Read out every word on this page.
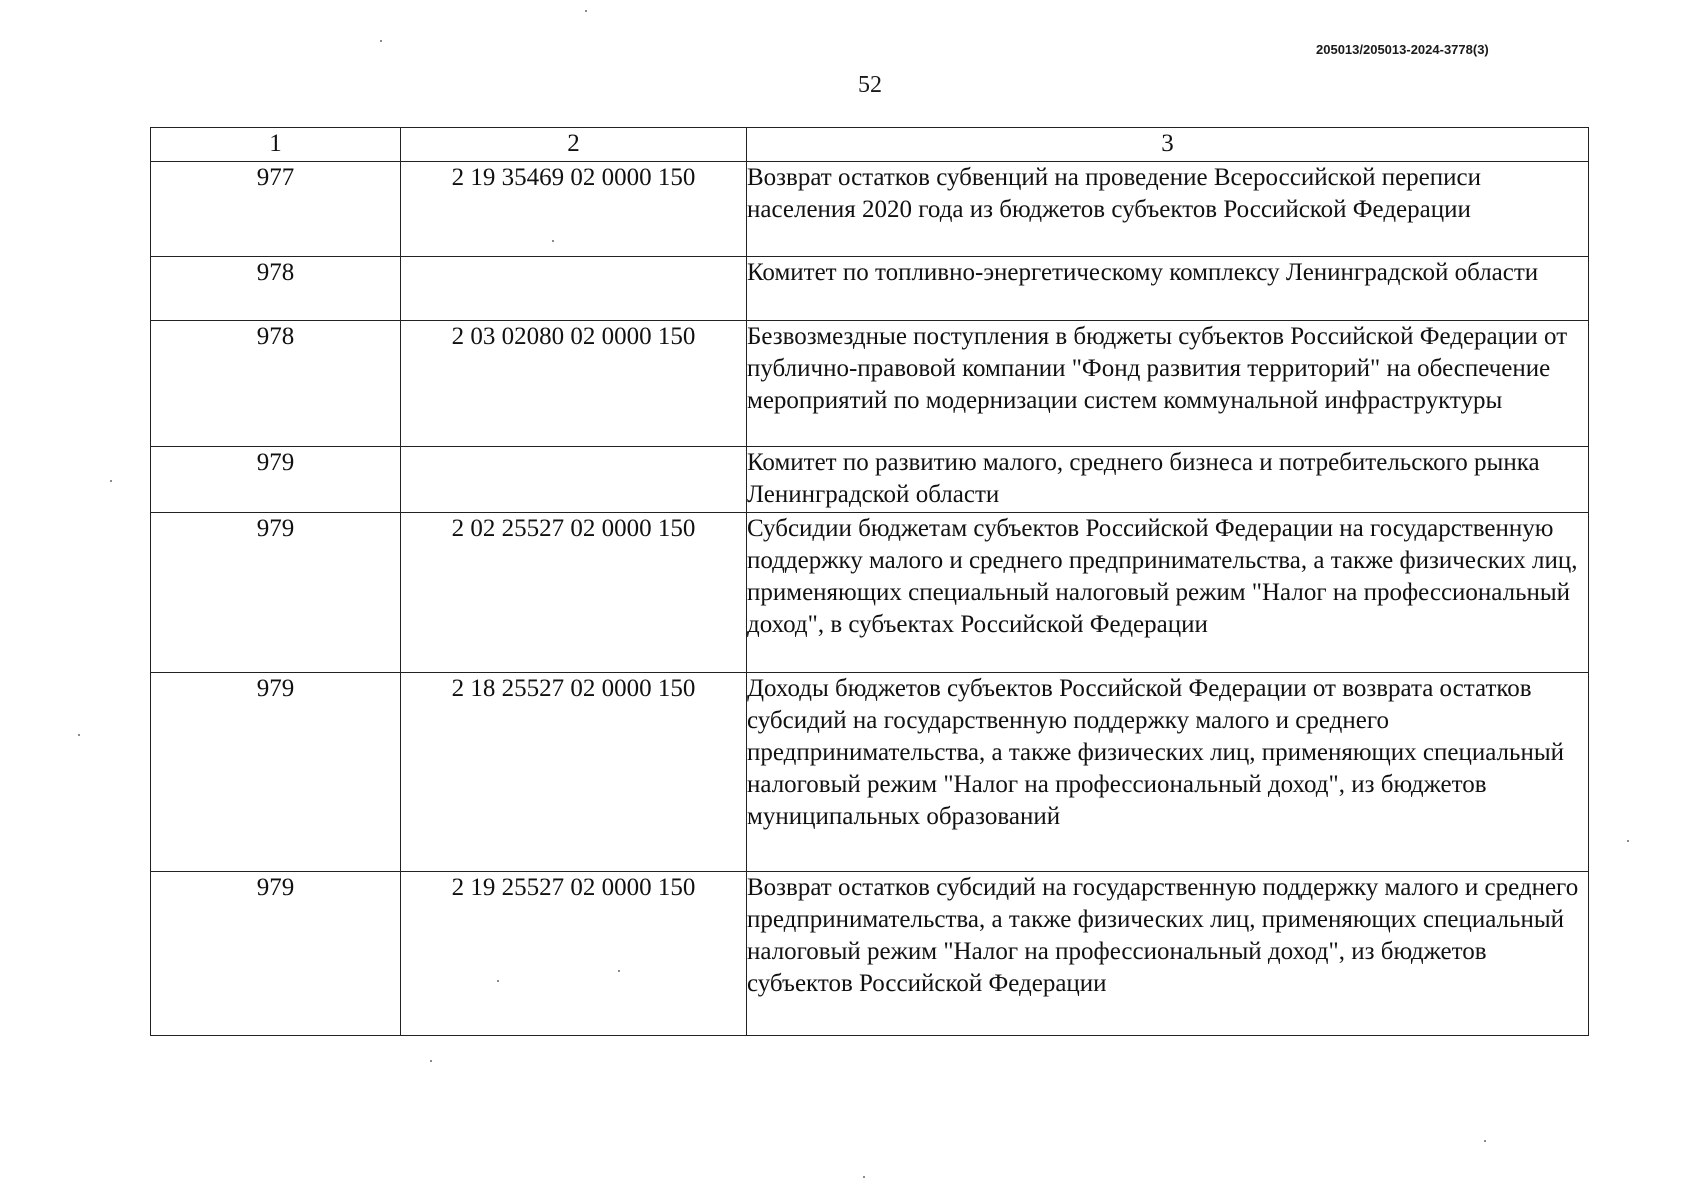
205013/205013-2024-3778(3)
52
1	2	3
977	2 19 35469 02 0000 150	Возврат остатков субвенций на проведение Всероссийской переписи населения 2020 года из бюджетов субъектов Российской Федерации
978		Комитет по топливно-энергетическому комплексу Ленинградской области
978	2 03 02080 02 0000 150	Безвозмездные поступления в бюджеты субъектов Российской Федерации от публично-правовой компании "Фонд развития территорий" на обеспечение мероприятий по модернизации систем коммунальной инфраструктуры
979		Комитет по развитию малого, среднего бизнеса и потребительского рынка Ленинградской области
979	2 02 25527 02 0000 150	Субсидии бюджетам субъектов Российской Федерации на государственную поддержку малого и среднего предпринимательства, а также физических лиц, применяющих специальный налоговый режим "Налог на профессиональный доход", в субъектах Российской Федерации
979	2 18 25527 02 0000 150	Доходы бюджетов субъектов Российской Федерации от возврата остатков субсидий на государственную поддержку малого и среднего предпринимательства, а также физических лиц, применяющих специальный налоговый режим "Налог на профессиональный доход", из бюджетов муниципальных образований
979	2 19 25527 02 0000 150	Возврат остатков субсидий на государственную поддержку малого и среднего предпринимательства, а также физических лиц, применяющих специальный налоговый режим "Налог на профессиональный доход", из бюджетов субъектов Российской Федерации
